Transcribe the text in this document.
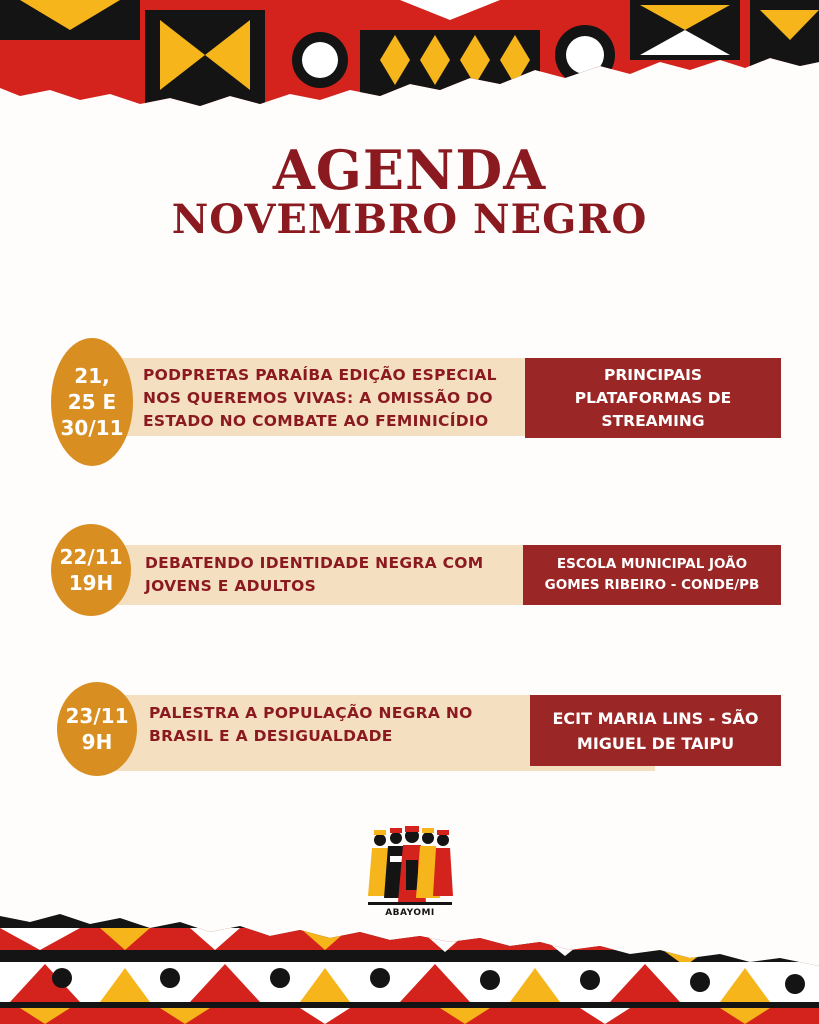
AGENDA
NOVEMBRO NEGRO
21,
25 E
30/11
PODPRETAS PARAÍBA EDIÇÃO ESPECIAL
NOS QUEREMOS VIVAS: A OMISSÃO DO
ESTADO NO COMBATE AO FEMINICÍDIO
PRINCIPAIS
PLATAFORMAS DE
STREAMING
22/11
19H
DEBATENDO IDENTIDADE NEGRA COM
JOVENS E ADULTOS
ESCOLA MUNICIPAL JOÃO
GOMES RIBEIRO - CONDE/PB
23/11
9H
PALESTRA A POPULAÇÃO NEGRA NO
BRASIL E A DESIGUALDADE
ECIT MARIA LINS - SÃO
MIGUEL DE TAIPU
ABAYOMI
